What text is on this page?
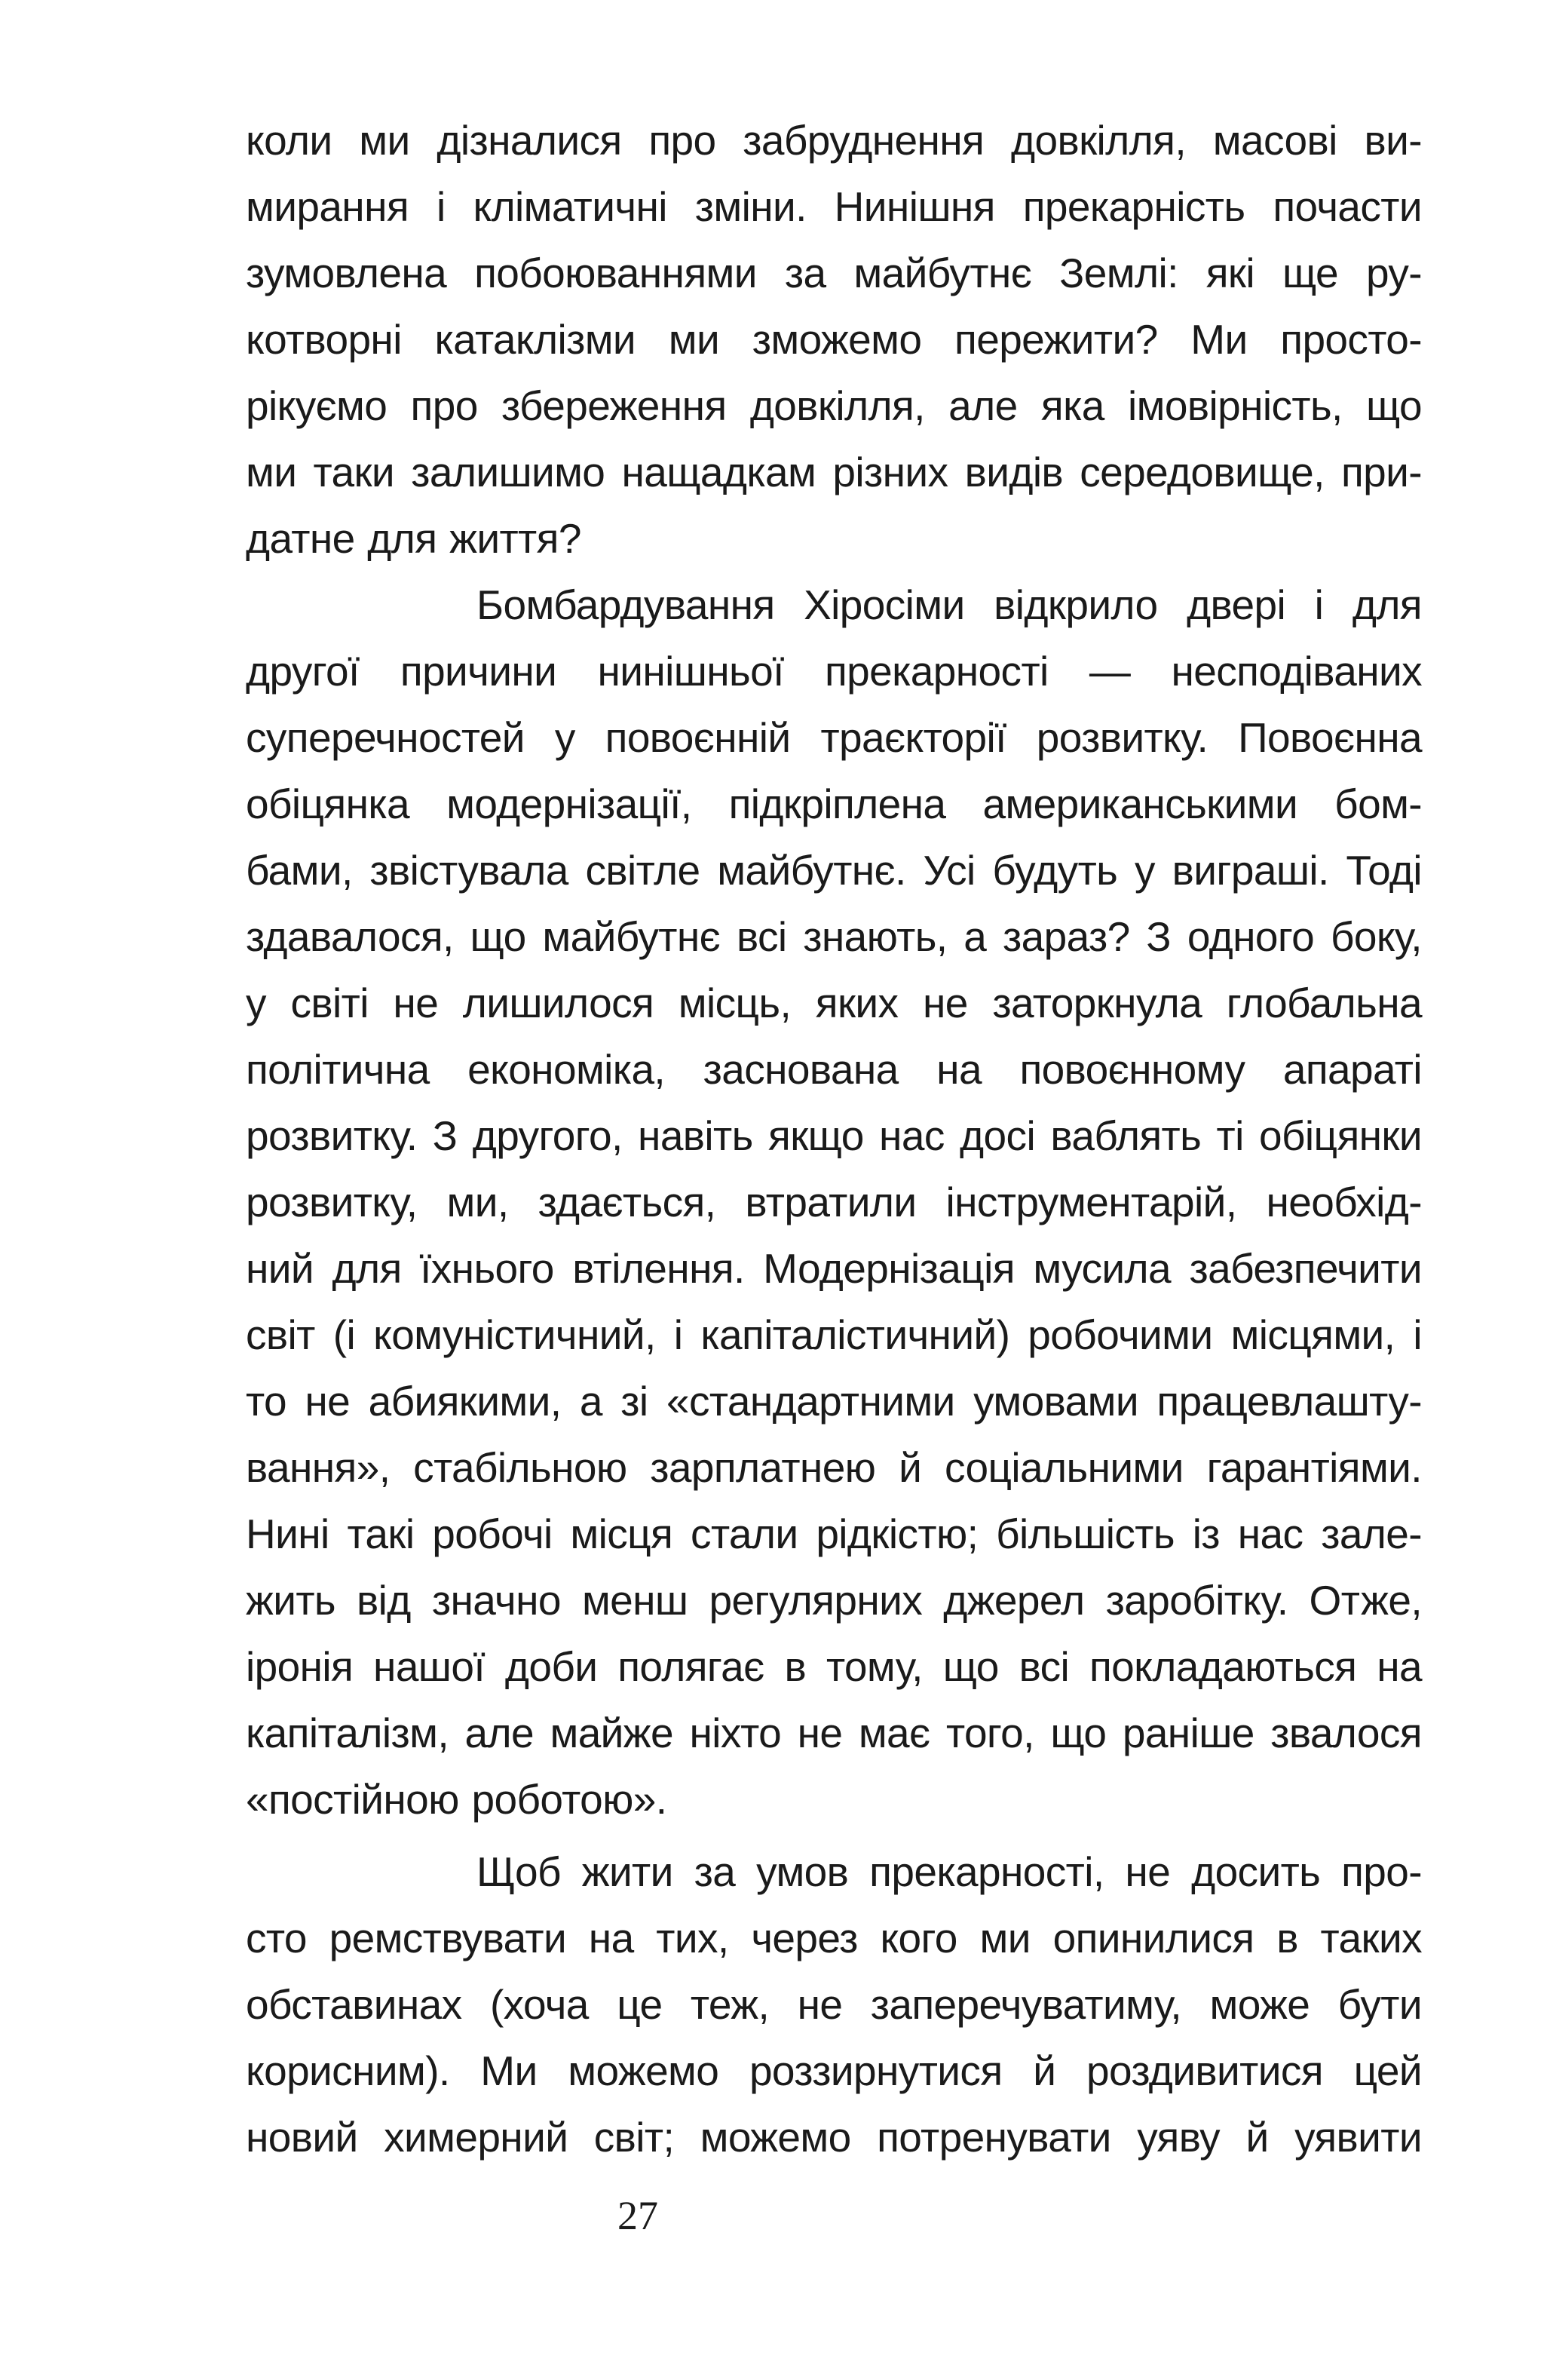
коли ми дізналися про забруднення довкілля, масові ви-
мирання і кліматичні зміни. Нинішня прекарність почасти
зумовлена побоюваннями за майбутнє Землі: які ще ру-
котворні катаклізми ми зможемо пережити? Ми просто-
рікуємо про збереження довкілля, але яка імовірність, що
ми таки залишимо нащадкам різних видів середовище, при-
датне для життя?
Бомбардування Хіросіми відкрило двері і для
другої причини нинішньої прекарності — несподіваних
суперечностей у повоєнній траєкторії розвитку. Повоєнна
обіцянка модернізації, підкріплена американськими бом-
бами, звістувала світле майбутнє. Усі будуть у виграші. Тоді
здавалося, що майбутнє всі знають, а зараз? З одного боку,
у світі не лишилося місць, яких не заторкнула глобальна
політична економіка, заснована на повоєнному апараті
розвитку. З другого, навіть якщо нас досі ваблять ті обіцянки
розвитку, ми, здається, втратили інструментарій, необхід-
ний для їхнього втілення. Модернізація мусила забезпечити
світ (і комуністичний, і капіталістичний) робочими місцями, і
то не абиякими, а зі «стандартними умовами працевлашту-
вання», стабільною зарплатнею й соціальними гарантіями.
Нині такі робочі місця стали рідкістю; більшість із нас зале-
жить від значно менш регулярних джерел заробітку. Отже,
іронія нашої доби полягає в тому, що всі покладаються на
капіталізм, але майже ніхто не має того, що раніше звалося
«постійною роботою».
Щоб жити за умов прекарності, не досить про-
сто ремствувати на тих, через кого ми опинилися в таких
обставинах (хоча це теж, не заперечуватиму, може бути
корисним). Ми можемо роззирнутися й роздивитися цей
новий химерний світ; можемо потренувати уяву й уявити
27
